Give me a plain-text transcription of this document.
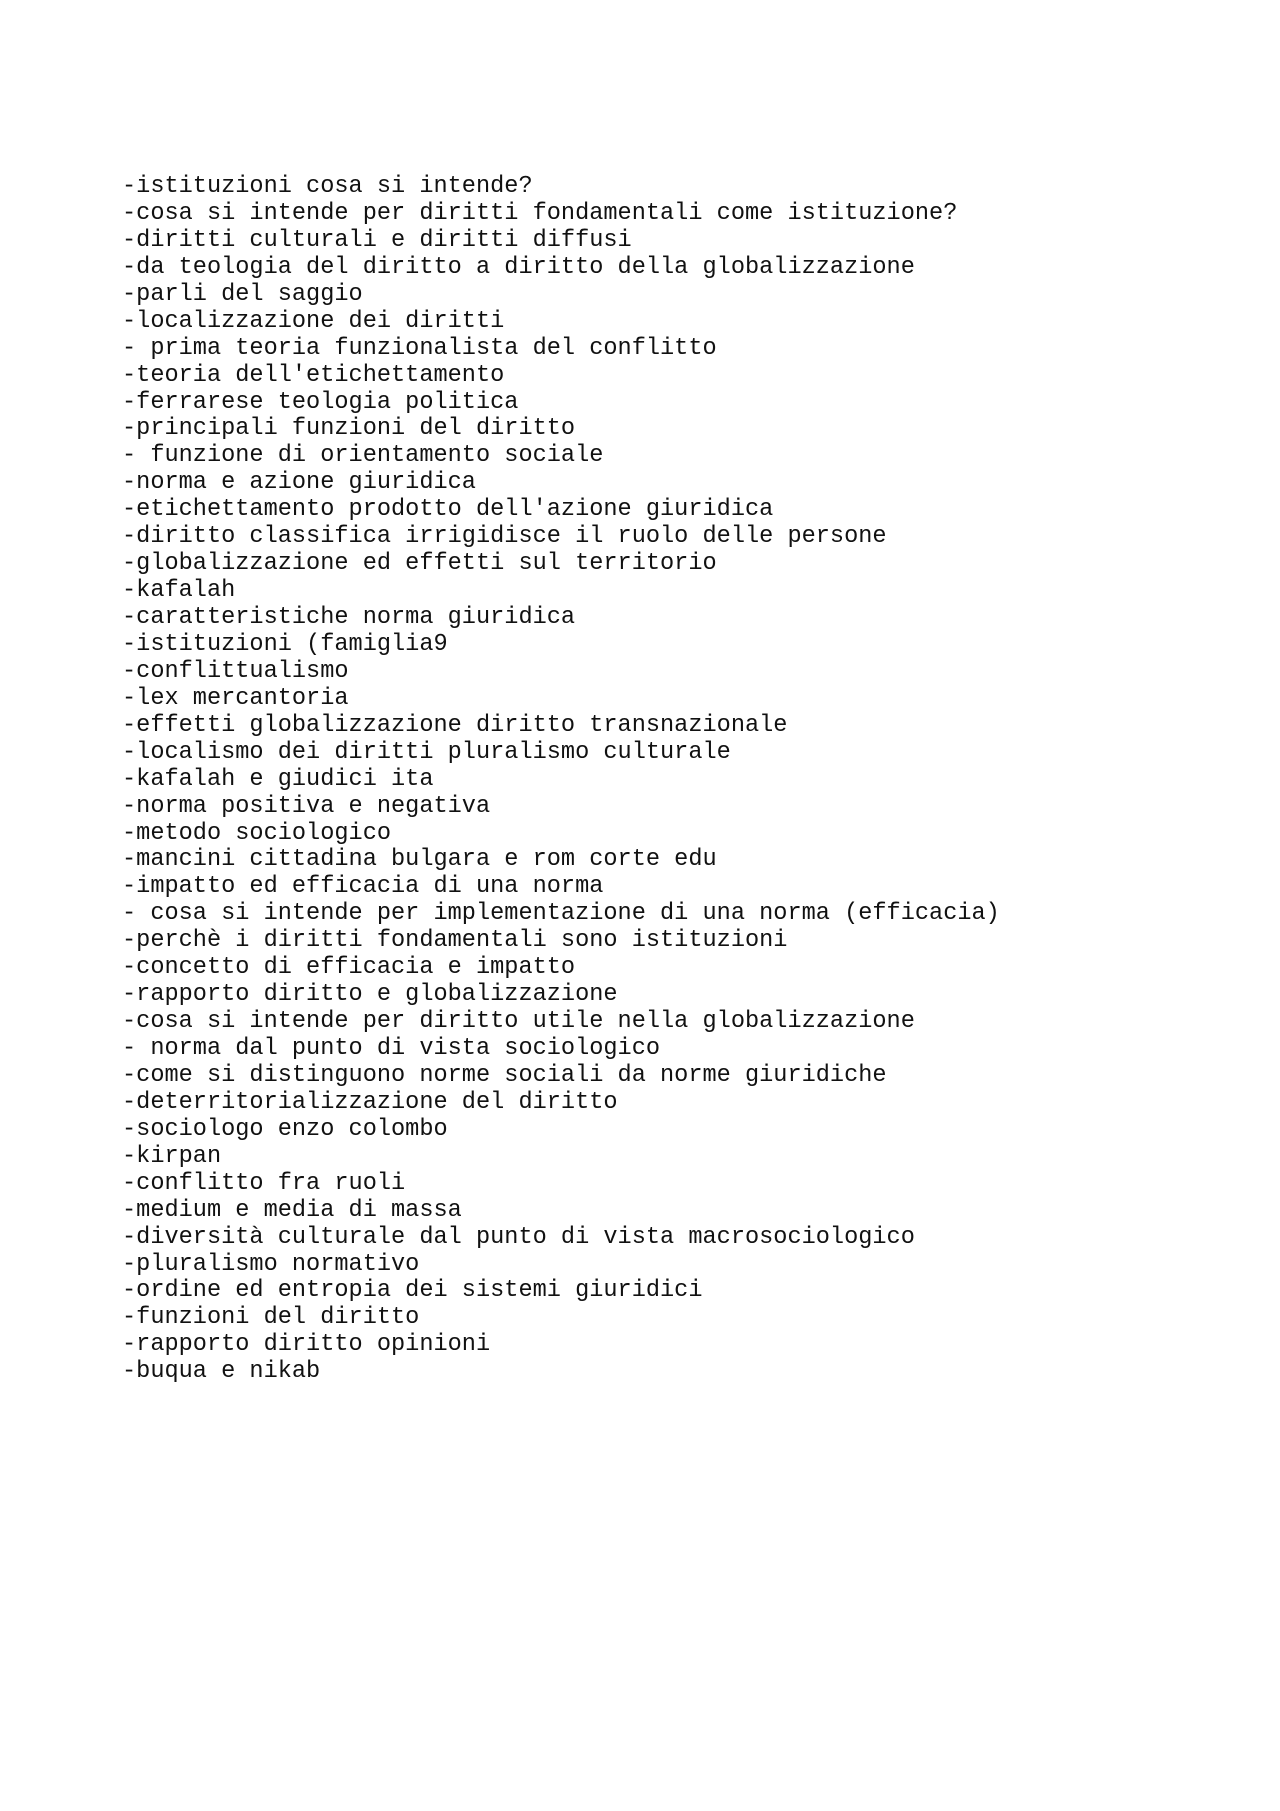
-istituzioni cosa si intende?
-cosa si intende per diritti fondamentali come istituzione?
-diritti culturali e diritti diffusi
-da teologia del diritto a diritto della globalizzazione
-parli del saggio
-localizzazione dei diritti
- prima teoria funzionalista del conflitto
-teoria dell'etichettamento
-ferrarese teologia politica
-principali funzioni del diritto
- funzione di orientamento sociale
-norma e azione giuridica
-etichettamento prodotto dell'azione giuridica
-diritto classifica irrigidisce il ruolo delle persone
-globalizzazione ed effetti sul territorio
-kafalah
-caratteristiche norma giuridica
-istituzioni (famiglia9
-conflittualismo
-lex mercantoria
-effetti globalizzazione diritto transnazionale
-localismo dei diritti pluralismo culturale
-kafalah e giudici ita
-norma positiva e negativa
-metodo sociologico
-mancini cittadina bulgara e rom corte edu
-impatto ed efficacia di una norma
- cosa si intende per implementazione di una norma (efficacia)
-perchè i diritti fondamentali sono istituzioni
-concetto di efficacia e impatto
-rapporto diritto e globalizzazione
-cosa si intende per diritto utile nella globalizzazione
- norma dal punto di vista sociologico
-come si distinguono norme sociali da norme giuridiche
-deterritorializzazione del diritto
-sociologo enzo colombo
-kirpan
-conflitto fra ruoli
-medium e media di massa
-diversità culturale dal punto di vista macrosociologico
-pluralismo normativo
-ordine ed entropia dei sistemi giuridici
-funzioni del diritto
-rapporto diritto opinioni
-buqua e nikab
